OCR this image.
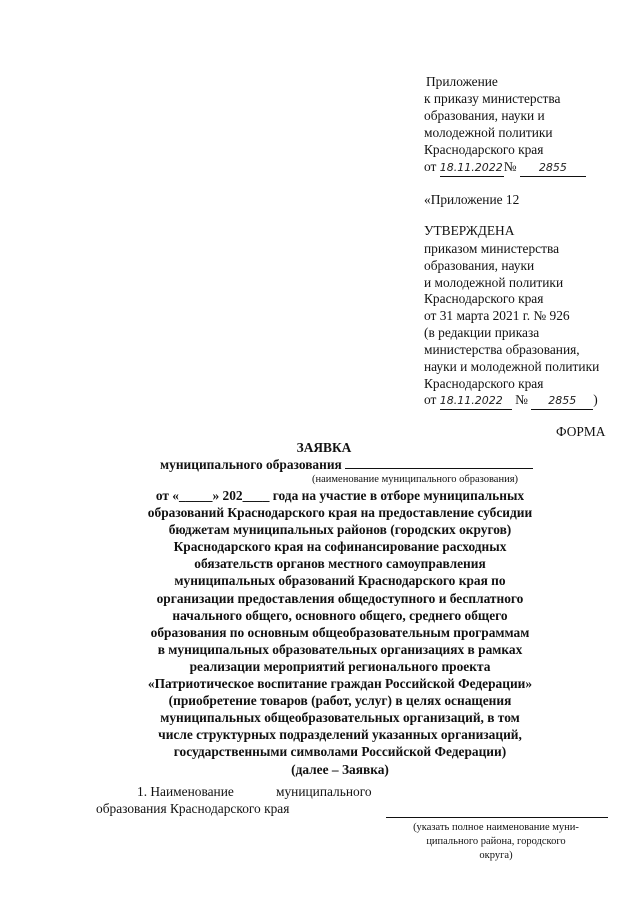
Приложение
к приказу министерства
образования, науки и
молодежной политики
Краснодарского края
от 18.11.2022№ 2855
«Приложение 12
УТВЕРЖДЕНА
приказом министерства
образования, науки
и молодежной политики
Краснодарского края
от 31 марта 2021 г. № 926
(в редакции приказа
министерства образования,
науки и молодежной политики
Краснодарского края
от 18.11.2022 № 2855 )
ФОРМА
ЗАЯВКА
муниципального образования
(наименование муниципального образования)
от «_____» 202____ года на участие в отборе муниципальных
образований Краснодарского края на предоставление субсидии
бюджетам муниципальных районов (городских округов)
Краснодарского края на софинансирование расходных
обязательств органов местного самоуправления
муниципальных образований Краснодарского края по
организации предоставления общедоступного и бесплатного
начального общего, основного общего, среднего общего
образования по основным общеобразовательным программам
в муниципальных образовательных организациях в рамках
реализации мероприятий регионального проекта
«Патриотическое воспитание граждан Российской Федерации»
(приобретение товаров (работ, услуг) в целях оснащения
муниципальных общеобразовательных организаций, в том
числе структурных подразделений указанных организаций,
государственными символами Российской Федерации)
(далее – Заявка)
1. Наименование	муниципального
образования Краснодарского края
(указать полное наименование муни-
ципального района, городского
округа)
